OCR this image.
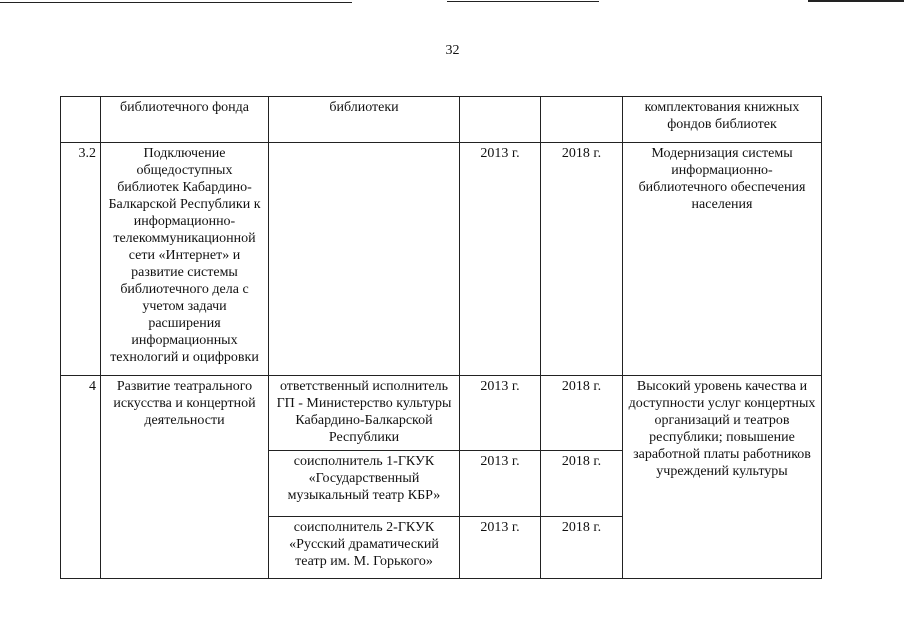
32
	библиотечного фонда	библиотеки			комплектования книжных фондов библиотек
3.2	Подключение общедоступных библиотек Кабардино-Балкарской Республики к информационно-телекоммуникационной сети «Интернет» и развитие системы библиотечного дела с учетом задачи расширения информационных технологий и оцифровки		2013 г.	2018 г.	Модернизация системы информационно-библиотечного обеспечения населения
4	Развитие театрального искусства и концертной деятельности	ответственный исполнитель ГП - Министерство культуры Кабардино-Балкарской Республики	2013 г.	2018 г.	Высокий уровень качества и доступности услуг концертных организаций и театров республики; повышение заработной платы работников учреждений культуры
		соисполнитель 1-ГКУК «Государственный музыкальный театр КБР»	2013 г.	2018 г.	
		соисполнитель 2-ГКУК «Русский драматический театр им. М. Горького»	2013 г.	2018 г.	
